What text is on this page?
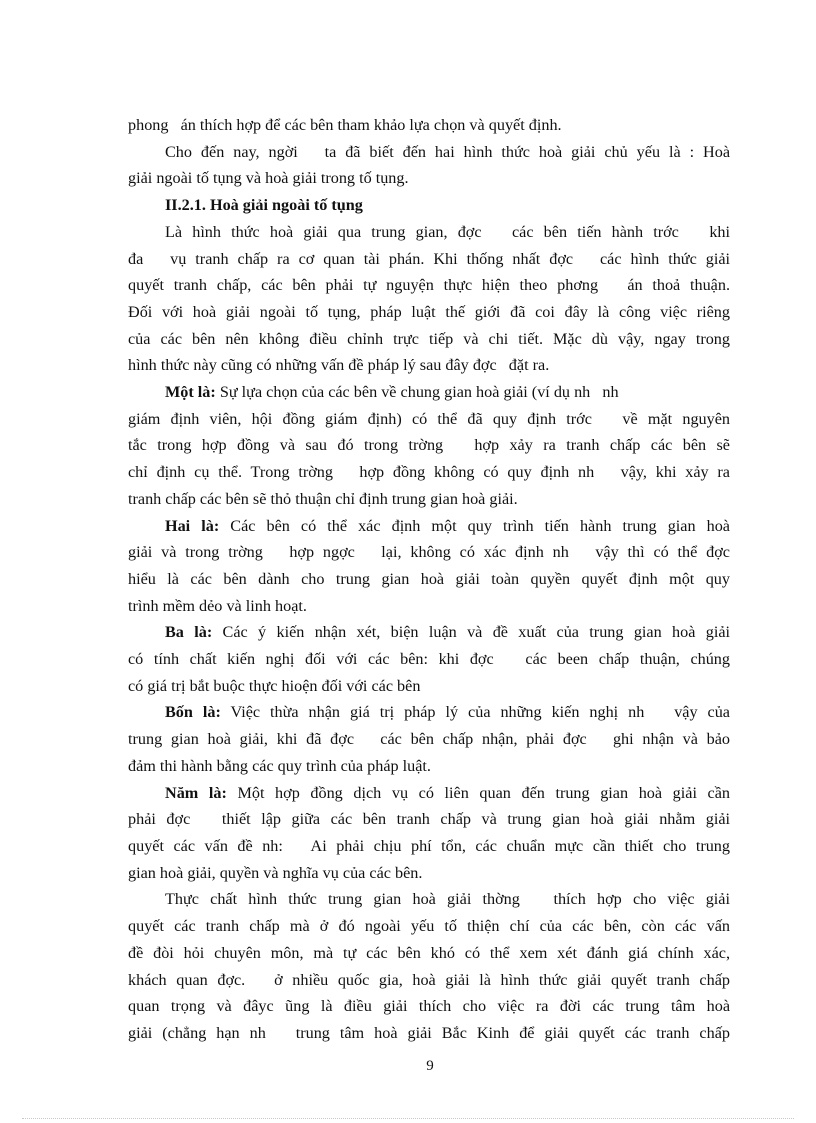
phong   án thích hợp để các bên tham khảo lựa chọn và quyết định.
Cho đến nay, ngời   ta đã biết đến hai hình thức hoà giải chủ yếu là : Hoà
giải ngoài tố tụng và hoà giải trong tố tụng.
II.2.1. Hoà giải ngoài tố tụng
Là hình thức hoà giải qua trung gian, đợc   các bên tiến hành trớc   khi
đa   vụ tranh chấp ra cơ quan tài phán. Khi thống nhất đợc   các hình thức giải
quyết tranh chấp, các bên phải tự nguyện thực hiện theo phơng   án thoả thuận.
Đối với hoà giải ngoài tố tụng, pháp luật thế giới đã coi đây là công việc riêng
của các bên nên không điều chỉnh trực tiếp và chi tiết. Mặc dù vậy, ngay trong
hình thức này cũng có những vấn đề pháp lý sau đây đợc   đặt ra.
Một là: Sự lựa chọn của các bên về chung gian hoà giải (ví dụ nh   nh
giám định viên, hội đồng giám định) có thể đã quy định trớc   về mặt nguyên
tắc trong hợp đồng và sau đó trong trờng   hợp xảy ra tranh chấp các bên sẽ
chỉ định cụ thể. Trong trờng   hợp đồng không có quy định nh   vậy, khi xảy ra
tranh chấp các bên sẽ thỏ thuận chỉ định trung gian hoà giải.
Hai là: Các bên có thể xác định một quy trình tiến hành trung gian hoà
giải và trong trờng   hợp ngợc   lại, không có xác định nh   vậy thì có thể đợc
hiểu là các bên dành cho trung gian hoà giải toàn quyền quyết định một quy
trình mềm dẻo và linh hoạt.
Ba là: Các ý kiến nhận xét, biện luận và đề xuất của trung gian hoà giải
có tính chất kiến nghị đối với các bên: khi đợc   các been chấp thuận, chúng
có giá trị bắt buộc thực hioện đối với các bên
Bốn là: Việc thừa nhận giá trị pháp lý của những kiến nghị nh   vậy của
trung gian hoà giải, khi đã đợc   các bên chấp nhận, phải đợc   ghi nhận và bảo
đảm thi hành bằng các quy trình của pháp luật.
Năm là: Một hợp đồng dịch vụ có liên quan đến trung gian hoà giải cần
phải đợc   thiết lập giữa các bên tranh chấp và trung gian hoà giải nhằm giải
quyết các vấn đề nh:   Ai phải chịu phí tổn, các chuẩn mực cần thiết cho trung
gian hoà giải, quyền và nghĩa vụ của các bên.
Thực chất hình thức trung gian hoà giải thờng   thích hợp cho việc giải
quyết các tranh chấp mà ở đó ngoài yếu tố thiện chí của các bên, còn các vấn
đề đòi hỏi chuyên môn, mà tự các bên khó có thể xem xét đánh giá chính xác,
khách quan đợc.   ở nhiều quốc gia, hoà giải là hình thức giải quyết tranh chấp
quan trọng và đâyc ũng là điều giải thích cho việc ra đời các trung tâm hoà
giải (chẳng hạn nh   trung tâm hoà giải Bắc Kinh để giải quyết các tranh chấp
9
